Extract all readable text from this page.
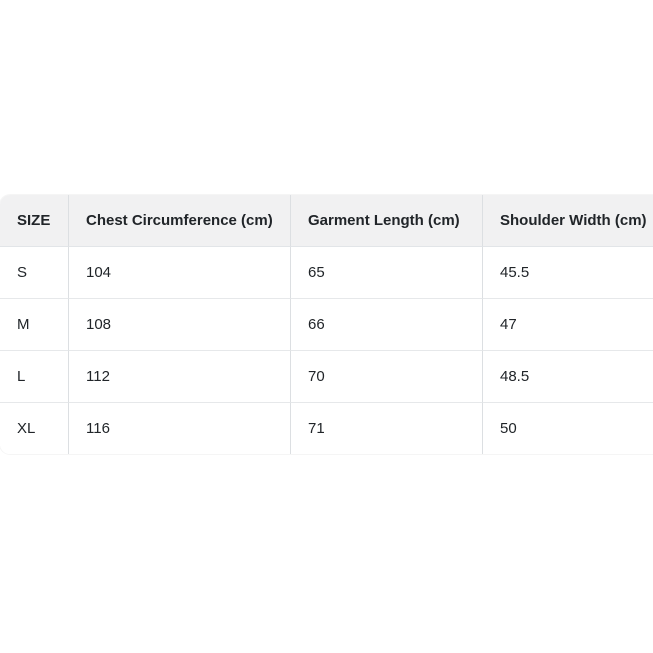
SIZE	Chest Circumference (cm)	Garment Length (cm)	Shoulder Width (cm)
S	104	65	45.5
M	108	66	47
L	112	70	48.5
XL	116	71	50
